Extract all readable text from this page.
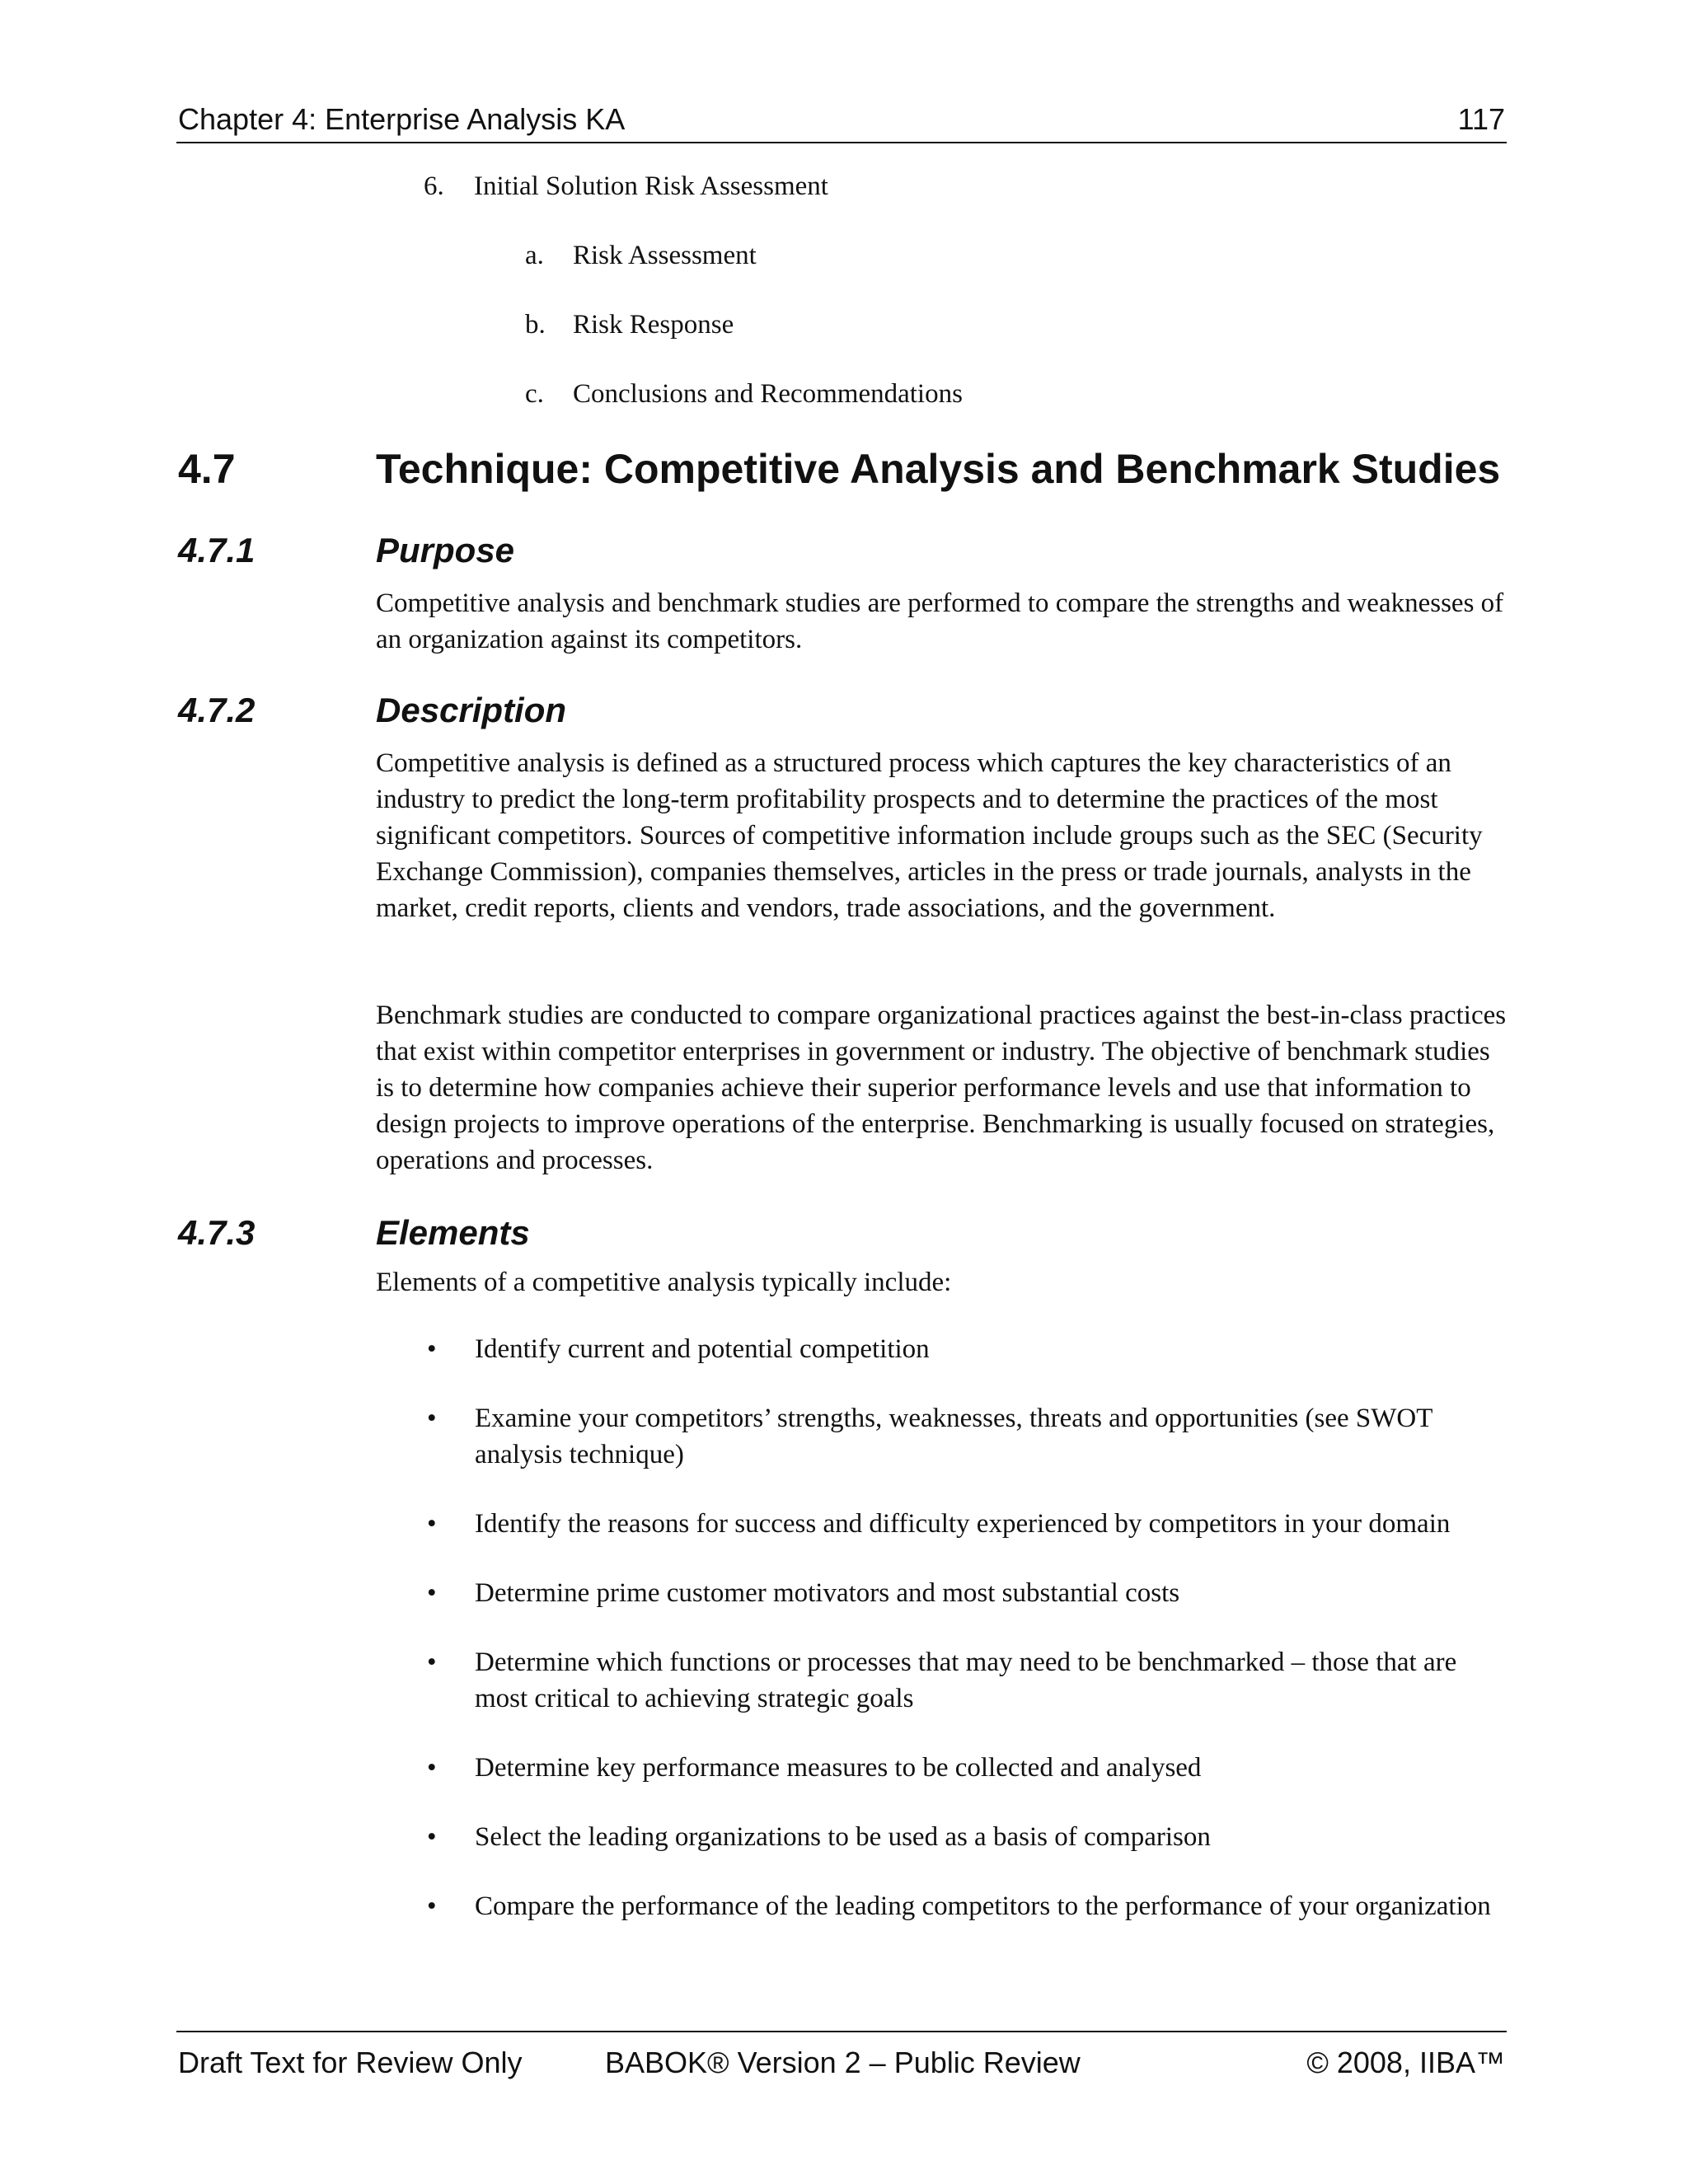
Chapter 4: Enterprise Analysis KA	117
6. Initial Solution Risk Assessment
a. Risk Assessment
b. Risk Response
c. Conclusions and Recommendations
4.7	Technique: Competitive Analysis and Benchmark Studies
4.7.1	Purpose

Competitive analysis and benchmark studies are performed to compare the strengths and weaknesses of an organization against its competitors.

4.7.2	Description

Competitive analysis is defined as a structured process which captures the key characteristics of an industry to predict the long-term profitability prospects and to determine the practices of the most significant competitors. Sources of competitive information include groups such as the SEC (Security Exchange Commission), companies themselves, articles in the press or trade journals, analysts in the market, credit reports, clients and vendors, trade associations, and the government.

Benchmark studies are conducted to compare organizational practices against the best-in-class practices that exist within competitor enterprises in government or industry. The objective of benchmark studies is to determine how companies achieve their superior performance levels and use that information to design projects to improve operations of the enterprise. Benchmarking is usually focused on strategies, operations and processes.

4.7.3	Elements

Elements of a competitive analysis typically include:

• Identify current and potential competition
• Examine your competitors’ strengths, weaknesses, threats and opportunities (see SWOT analysis technique)
• Identify the reasons for success and difficulty experienced by competitors in your domain
• Determine prime customer motivators and most substantial costs
• Determine which functions or processes that may need to be benchmarked – those that are most critical to achieving strategic goals
• Determine key performance measures to be collected and analysed
• Select the leading organizations to be used as a basis of comparison
• Compare the performance of the leading competitors to the performance of your organization
Draft Text for Review Only	BABOK® Version 2 – Public Review	© 2008, IIBA™
